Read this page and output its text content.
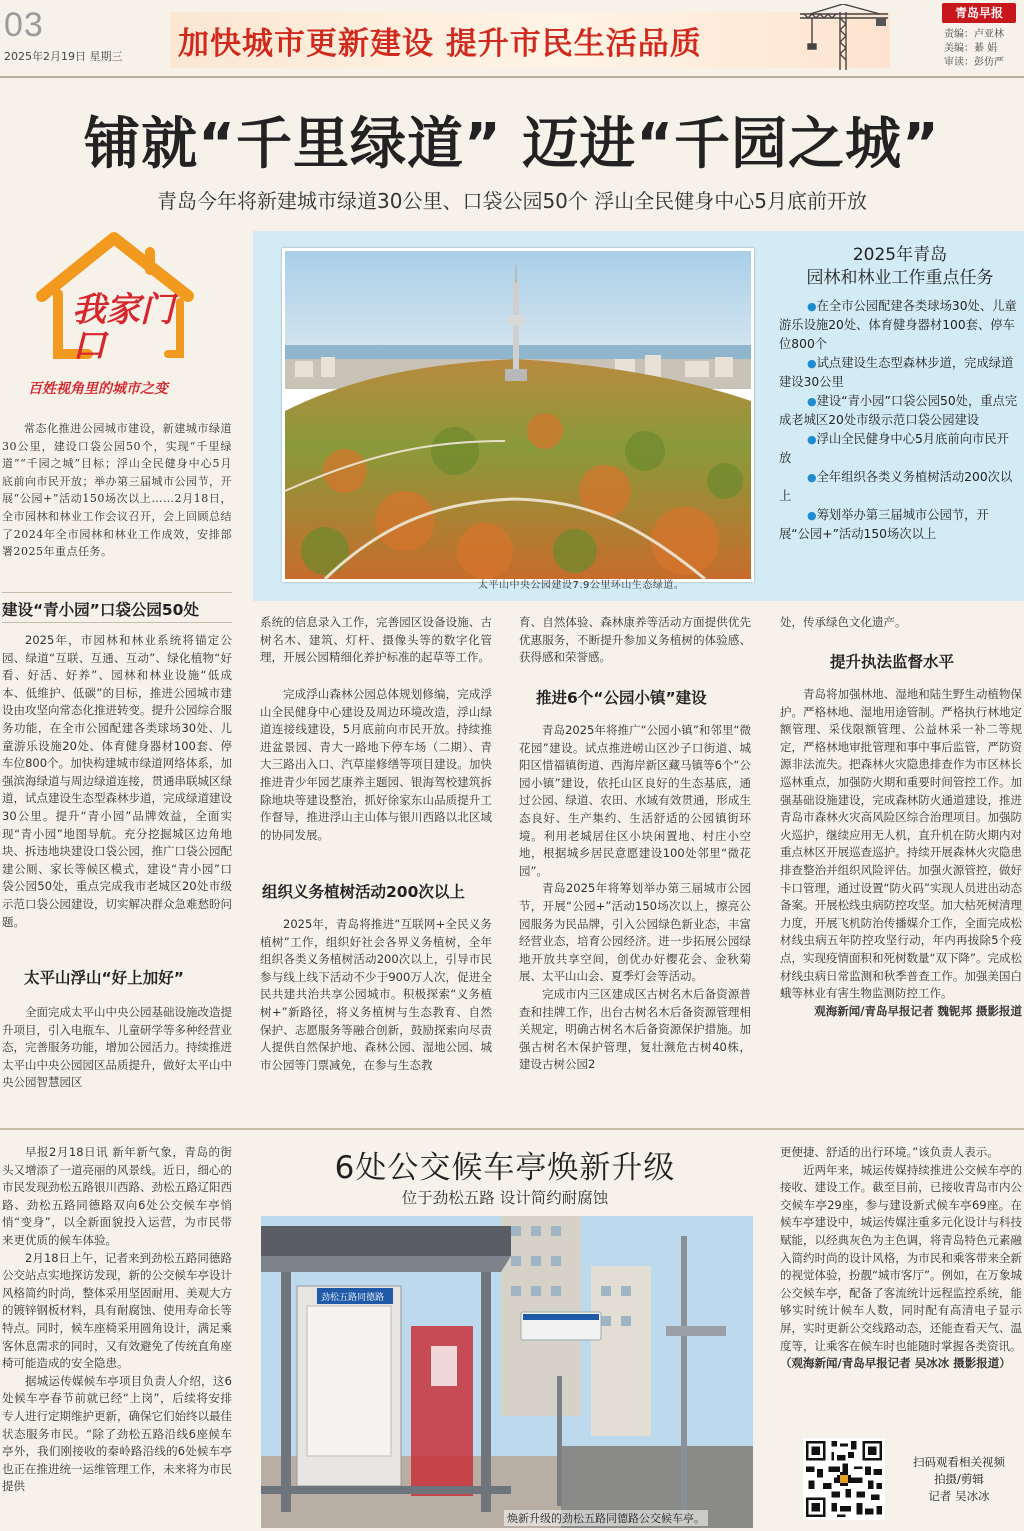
03
2025年2月19日 星期三 加快城市更新建设 提升市民生活品质
青岛早报
责编：卢亚林
美编：綦 娟
审读：彭仿严
铺就“千里绿道” 迈进“千园之城”
青岛今年将新建城市绿道30公里、口袋公园50个 浮山全民健身中心5月底前开放
我家门口
百姓视角里的城市之变

常态化推进公园城市建设，新建城市绿道30公里，建设口袋公园50个，实现“千里绿道”“千园之城”目标；浮山全民健身中心5月底前向市民开放；举办第三届城市公园节，开展“公园+”活动150场次以上……2月18日，全市园林和林业工作会议召开，会上回顾总结了2024年全市园林和林业工作成效，安排部署2025年重点任务。

太平山中央公园建设7.9公里环山生态绿道。
2025年青岛
园林和林业工作重点任务
●在全市公园配建各类球场30处、儿童游乐设施20处、体育健身器材100套、停车位800个
●试点建设生态型森林步道，完成绿道建设30公里
●建设“青小园”口袋公园50处，重点完成老城区20处市级示范口袋公园建设
●浮山全民健身中心5月底前向市民开放
●全年组织各类义务植树活动200次以上
●筹划举办第三届城市公园节，开展“公园+”活动150场次以上
建设“青小园”口袋公园50处

2025年，市园林和林业系统将锚定公园、绿道“互联、互通、互动”、绿化植物“好看、好活、好养”、园林和林业设施“低成本、低维护、低碳”的目标，推进公园城市建设由攻坚向常态化推进转变。提升公园综合服务功能，在全市公园配建各类球场30处、儿童游乐设施20处、体育健身器材100套、停车位800个。加快构建城市绿道网络体系，加强滨海绿道与周边绿道连接，贯通串联城区绿道，试点建设生态型森林步道，完成绿道建设30公里。提升“青小园”品牌效益，全面实现“青小园”地图导航。充分挖掘城区边角地块、拆违地块建设口袋公园，推广口袋公园配建公厕、家长等候区模式，建设“青小园”口袋公园50处，重点完成我市老城区20处市级示范口袋公园建设，切实解决群众急难愁盼问题。

太平山浮山“好上加好”

全面完成太平山中央公园基础设施改造提升项目，引入电瓶车、儿童研学等多种经营业态，完善服务功能，增加公园活力。持续推进太平山中央公园园区品质提升，做好太平山中央公园智慧园区

系统的信息录入工作，完善园区设备设施、古树名木、建筑、灯杆、摄像头等的数字化管理，开展公园精细化养护标准的起草等工作。

完成浮山森林公园总体规划修编，完成浮山全民健身中心建设及周边环境改造，浮山绿道连接线建设，5月底前向市民开放。持续推进盆景园、青大一路地下停车场（二期）、青大三路出入口、汽草崖修缮等项目建设。加快推进青少年园艺康养主题园、银海驾校建筑拆除地块等建设整治，抓好徐家东山品质提升工作督导，推进浮山主山体与银川西路以北区域的协同发展。

组织义务植树活动200次以上

2025年，青岛将推进“互联网+全民义务植树”工作，组织好社会各界义务植树，全年组织各类义务植树活动200次以上，引导市民参与线上线下活动不少于900万人次，促进全民共建共治共享公园城市。积极探索“义务植树+”新路径，将义务植树与生态教育、自然保护、志愿服务等融合创新，鼓励探索向尽责人提供自然保护地、森林公园、湿地公园、城市公园等门票减免，在参与生态教

育、自然体验、森林康养等活动方面提供优先优惠服务，不断提升参加义务植树的体验感、获得感和荣誉感。

推进6个“公园小镇”建设

青岛2025年将推广“公园小镇”和邻里“微花园”建设。试点推进崂山区沙子口街道、城阳区惜福镇街道、西海岸新区藏马镇等6个“公园小镇”建设，依托山区良好的生态基底，通过公园、绿道、农田、水域有效贯通，形成生态良好、生产集约、生活舒适的公园镇街环境。利用老城居住区小块闲置地、村庄小空地，根据城乡居民意愿建设100处邻里“微花园”。

青岛2025年将筹划举办第三届城市公园节，开展“公园+”活动150场次以上，擦亮公园服务为民品牌，引入公园绿色新业态，丰富经营业态，培育公园经济。进一步拓展公园绿地开放共享空间，创优办好樱花会、金秋菊展、太平山山会、夏季灯会等活动。

完成市内三区建成区古树名木后备资源普查和挂牌工作，出台古树名木后备资源管理相关规定，明确古树名木后备资源保护措施。加强古树名木保护管理，复壮濒危古树40株，建设古树公园2

处，传承绿色文化遗产。

提升执法监督水平

青岛将加强林地、湿地和陆生野生动植物保护。严格林地、湿地用途管制。严格执行林地定额管理、采伐限额管理、公益林采一补二等规定，严格林地审批管理和事中事后监管，严防资源非法流失。把森林火灾隐患排查作为市区林长巡林重点，加强防火期和重要时间管控工作。加强基础设施建设，完成森林防火通道建设，推进青岛市森林火灾高风险区综合治理项目。加强防火巡护，继续应用无人机，直升机在防火期内对重点林区开展巡查巡护。持续开展森林火灾隐患排查整治并组织风险评估。加强火源管控，做好卡口管理，通过设置“防火码”实现人员进出动态备案。开展松线虫病防控攻坚。加大枯死树清理力度，开展飞机防治传播媒介工作，全面完成松材线虫病五年防控攻坚行动，年内再拔除5个疫点，实现疫情面积和死树数量“双下降”。完成松材线虫病日常监测和秋季普查工作。加强美国白蛾等林业有害生物监测防控工作。

观海新闻/青岛早报记者 魏铌邦 摄影报道

6处公交候车亭焕新升级
位于劲松五路 设计简约耐腐蚀

早报2月18日讯 新年新气象，青岛的街头又增添了一道亮丽的风景线。近日，细心的市民发现劲松五路银川西路、劲松五路辽阳西路、劲松五路同德路双向6处公交候车亭悄悄“变身”，以全新面貌投入运营，为市民带来更优质的候车体验。

2月18日上午，记者来到劲松五路同德路公交站点实地探访发现，新的公交候车亭设计风格简约时尚，整体采用坚固耐用、美观大方的镀锌钢板材料，具有耐腐蚀、使用寿命长等特点。同时，候车座椅采用圆角设计，满足乘客休息需求的同时，又有效避免了传统直角座椅可能造成的安全隐患。

据城运传媒候车亭项目负责人介绍，这6处候车亭春节前就已经“上岗”，后续将安排专人进行定期维护更新，确保它们始终以最佳状态服务市民。“除了劲松五路沿线6座候车亭外，我们刚接收的秦岭路沿线的6处候车亭也正在推进统一运维管理工作，未来将为市民提供

劲松五路同德路
焕新升级的劲松五路同德路公交候车亭。

更便捷、舒适的出行环境。”该负责人表示。

近两年来，城运传媒持续推进公交候车亭的接收、建设工作。截至目前，已接收青岛市内公交候车亭29座，参与建设新式候车亭69座。在候车亭建设中，城运传媒注重多元化设计与科技赋能，以经典灰色为主色调，将青岛特色元素融入简约时尚的设计风格，为市民和乘客带来全新的视觉体验，扮靓“城市客厅”。例如，在万象城公交候车亭，配备了客流统计远程监控系统，能够实时统计候车人数，同时配有高清电子显示屏，实时更新公交线路动态，还能查看天气、温度等，让乘客在候车时也能随时掌握各类资讯。

（观海新闻/青岛早报记者 吴冰冰 摄影报道）

扫码观看相关视频
拍摄/剪辑
记者 吴冰冰
